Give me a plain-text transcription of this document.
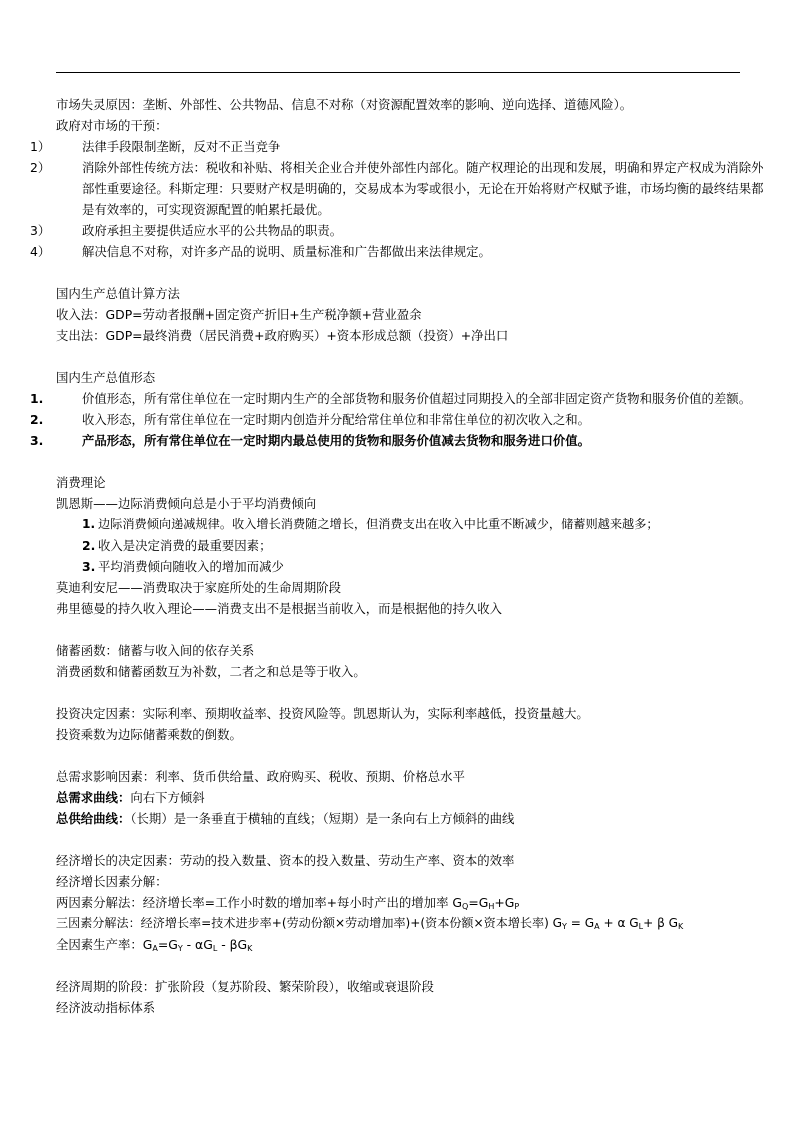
市场失灵原因：垄断、外部性、公共物品、信息不对称（对资源配置效率的影响、逆向选择、道德风险）。
政府对市场的干预：
1）	法律手段限制垄断，反对不正当竞争
2）	消除外部性传统方法：税收和补贴、将相关企业合并使外部性内部化。随产权理论的出现和发展，明确和界定产权成为消除外部性重要途径。科斯定理：只要财产权是明确的，交易成本为零或很小，无论在开始将财产权赋予谁，市场均衡的最终结果都是有效率的，可实现资源配置的帕累托最优。
3）	政府承担主要提供适应水平的公共物品的职责。
4）	解决信息不对称，对许多产品的说明、质量标准和广告都做出来法律规定。
国内生产总值计算方法
收入法：GDP=劳动者报酬+固定资产折旧+生产税净额+营业盈余
支出法：GDP=最终消费（居民消费+政府购买）+资本形成总额（投资）+净出口
国内生产总值形态
1.	价值形态，所有常住单位在一定时期内生产的全部货物和服务价值超过同期投入的全部非固定资产货物和服务价值的差额。
2.	收入形态，所有常住单位在一定时期内创造并分配给常住单位和非常住单位的初次收入之和。
3.	产品形态，所有常住单位在一定时期内最总使用的货物和服务价值减去货物和服务进口价值。
消费理论
凯恩斯——边际消费倾向总是小于平均消费倾向
1. 边际消费倾向递减规律。收入增长消费随之增长，但消费支出在收入中比重不断减少，储蓄则越来越多；
2. 收入是决定消费的最重要因素；
3. 平均消费倾向随收入的增加而减少
莫迪利安尼——消费取决于家庭所处的生命周期阶段
弗里德曼的持久收入理论——消费支出不是根据当前收入，而是根据他的持久收入
储蓄函数：储蓄与收入间的依存关系
消费函数和储蓄函数互为补数，二者之和总是等于收入。
投资决定因素：实际利率、预期收益率、投资风险等。凯恩斯认为，实际利率越低，投资量越大。
投资乘数为边际储蓄乘数的倒数。
总需求影响因素：利率、货币供给量、政府购买、税收、预期、价格总水平
总需求曲线：向右下方倾斜
总供给曲线：（长期）是一条垂直于横轴的直线；（短期）是一条向右上方倾斜的曲线
经济增长的决定因素：劳动的投入数量、资本的投入数量、劳动生产率、资本的效率
经济增长因素分解：
两因素分解法：经济增长率=工作小时数的增加率+每小时产出的增加率 $G_Q=G_H+G_P$
三因素分解法：经济增长率=技术进步率+(劳动份额×劳动增加率)+(资本份额×资本增长率) $G_Y = G_A + \alpha$ $G_L+ \beta$ $G_K$
全因素生产率：$G_A=G_Y - \alpha G_L - \beta G_K$
经济周期的阶段：扩张阶段（复苏阶段、繁荣阶段），收缩或衰退阶段
经济波动指标体系
